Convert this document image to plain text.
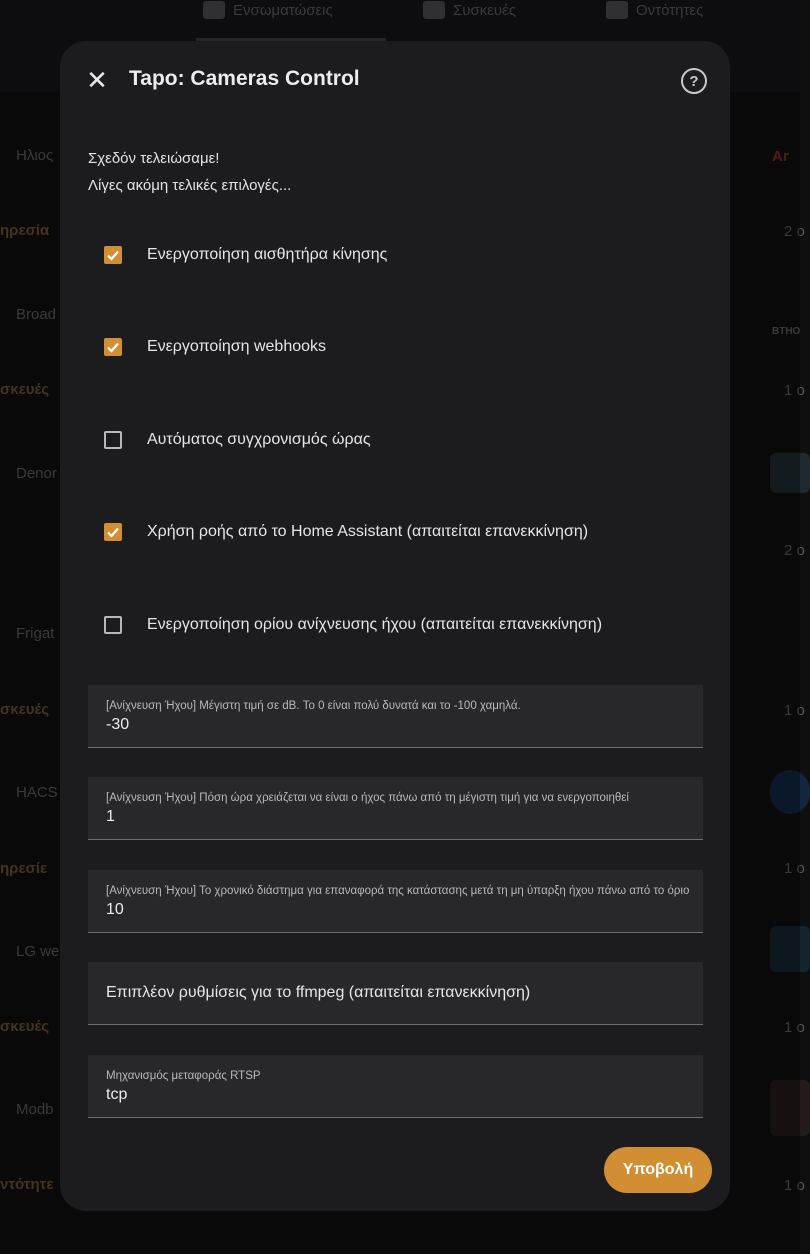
Ενσωματώσεις	Συσκευές	Οντότητες
Ηλιος
ηρεσία
Broad
σκευές
Denor
Frigat
σκευές
HACS
ηρεσίε
LG we
σκευές
Modb
ντότητε
Ar
2 ο
BTHO
1 ο
2 ο
1 ο
1 ο
1 ο
1 ο
✕ Tapo: Cameras Control	?
Σχεδόν τελειώσαμε!
Λίγες ακόμη τελικές επιλογές...
Ενεργοποίηση αισθητήρα κίνησης
Ενεργοποίηση webhooks
Αυτόματος συγχρονισμός ώρας
Χρήση ροής από το Home Assistant (απαιτείται επανεκκίνηση)
Ενεργοποίηση ορίου ανίχνευσης ήχου (απαιτείται επανεκκίνηση)
[Ανίχνευση Ήχου] Μέγιστη τιμή σε dB. Το 0 είναι πολύ δυνατά και το -100 χαμηλά.
-30
[Ανίχνευση Ήχου] Πόση ώρα χρειάζεται να είναι ο ήχος πάνω από τη μέγιστη τιμή για να ενεργοποιηθεί
1
[Ανίχνευση Ήχου] Το χρονικό διάστημα για επαναφορά της κατάστασης μετά τη μη ύπαρξη ήχου πάνω από το όριο
10
Επιπλέον ρυθμίσεις για το ffmpeg (απαιτείται επανεκκίνηση)
Μηχανισμός μεταφοράς RTSP
tcp
Υποβολή
